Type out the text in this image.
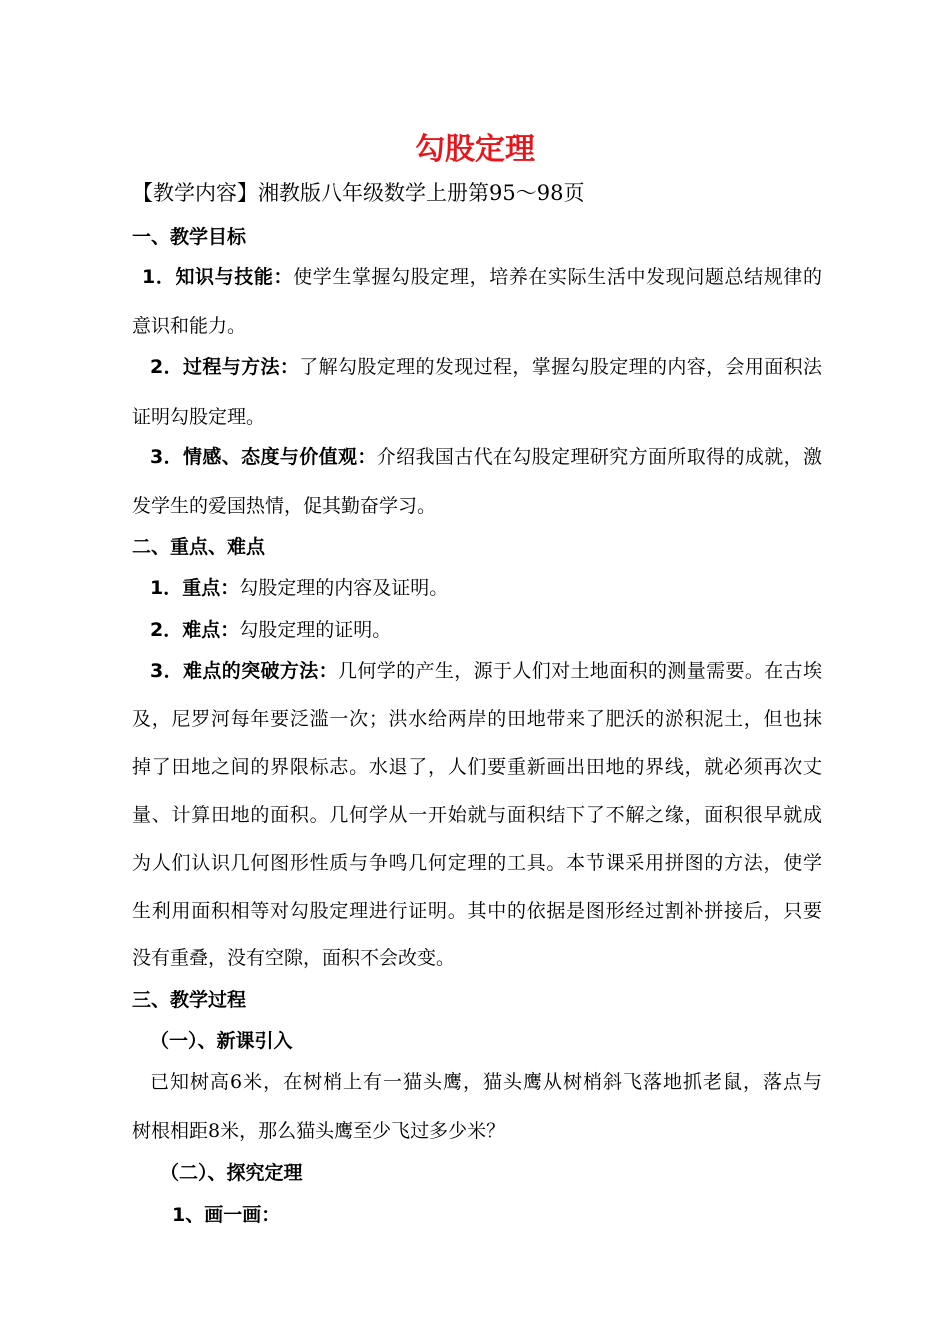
勾股定理
【教学内容】湘教版八年级数学上册第95～98页
一、教学目标
1．知识与技能：使学生掌握勾股定理，培养在实际生活中发现问题总结规律的
意识和能力。
2．过程与方法：了解勾股定理的发现过程，掌握勾股定理的内容，会用面积法
证明勾股定理。
3．情感、态度与价值观：介绍我国古代在勾股定理研究方面所取得的成就，激
发学生的爱国热情，促其勤奋学习。
二、重点、难点
1．重点：勾股定理的内容及证明。
2．难点：勾股定理的证明。
3．难点的突破方法：几何学的产生，源于人们对土地面积的测量需要。在古埃
及，尼罗河每年要泛滥一次；洪水给两岸的田地带来了肥沃的淤积泥土，但也抹
掉了田地之间的界限标志。水退了，人们要重新画出田地的界线，就必须再次丈
量、计算田地的面积。几何学从一开始就与面积结下了不解之缘，面积很早就成
为人们认识几何图形性质与争鸣几何定理的工具。本节课采用拼图的方法，使学
生利用面积相等对勾股定理进行证明。其中的依据是图形经过割补拼接后，只要
没有重叠，没有空隙，面积不会改变。
三、教学过程
（一）、新课引入
已知树高6米，在树梢上有一猫头鹰，猫头鹰从树梢斜飞落地抓老鼠，落点与
树根相距8米，那么猫头鹰至少飞过多少米？
（二）、探究定理
1、画一画：
